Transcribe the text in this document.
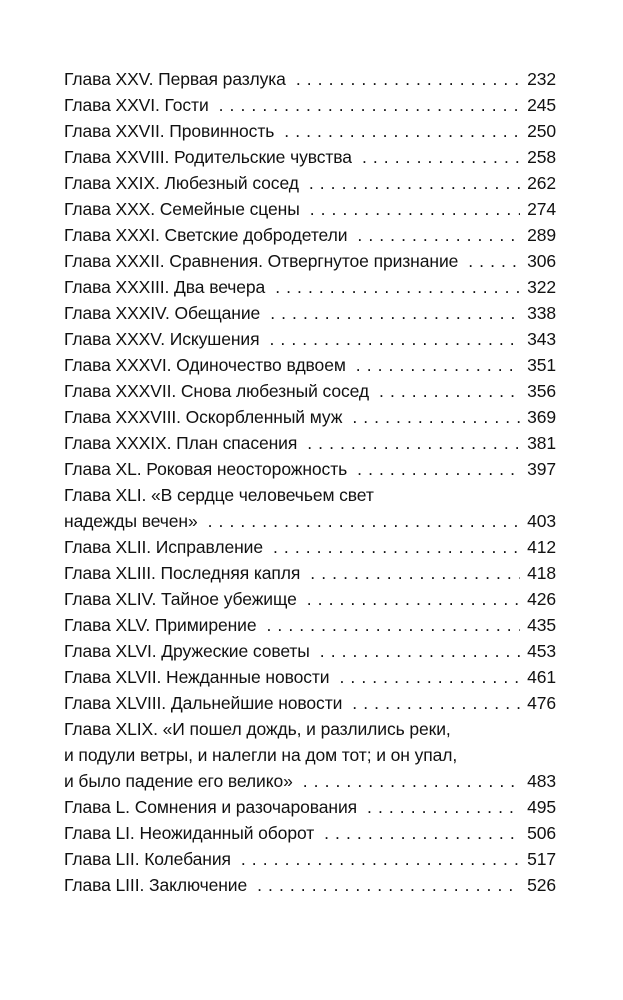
Глава XXV. Первая разлука . . .	232
Глава XXVI. Гости . . .	245
Глава XXVII. Провинность . . .	250
Глава XXVIII. Родительские чувства . . .	258
Глава XXIX. Любезный сосед . . .	262
Глава XXX. Семейные сцены . . .	274
Глава XXXI. Светские добродетели . . .	289
Глава XXXII. Сравнения. Отвергнутое признание . . .	306
Глава XXXIII. Два вечера . . .	322
Глава XXXIV. Обещание . . .	338
Глава XXXV. Искушения . . .	343
Глава XXXVI. Одиночество вдвоем . . .	351
Глава XXXVII. Снова любезный сосед . . .	356
Глава XXXVIII. Оскорбленный муж . . .	369
Глава XXXIX. План спасения . . .	381
Глава XL. Роковая неосторожность . . .	397
Глава XLI. «В сердце человечьем свет
надежды вечен» . . .	403
Глава XLII. Исправление . . .	412
Глава XLIII. Последняя капля . . .	418
Глава XLIV. Тайное убежище . . .	426
Глава XLV. Примирение . . .	435
Глава XLVI. Дружеские советы . . .	453
Глава XLVII. Нежданные новости . . .	461
Глава XLVIII. Дальнейшие новости . . .	476
Глава XLIX. «И пошел дождь, и разлились реки,
и подули ветры, и налегли на дом тот; и он упал,
и было падение его велико» . . .	483
Глава L. Сомнения и разочарования . . .	495
Глава LI. Неожиданный оборот . . .	506
Глава LII. Колебания . . .	517
Глава LIII. Заключение . . .	526
